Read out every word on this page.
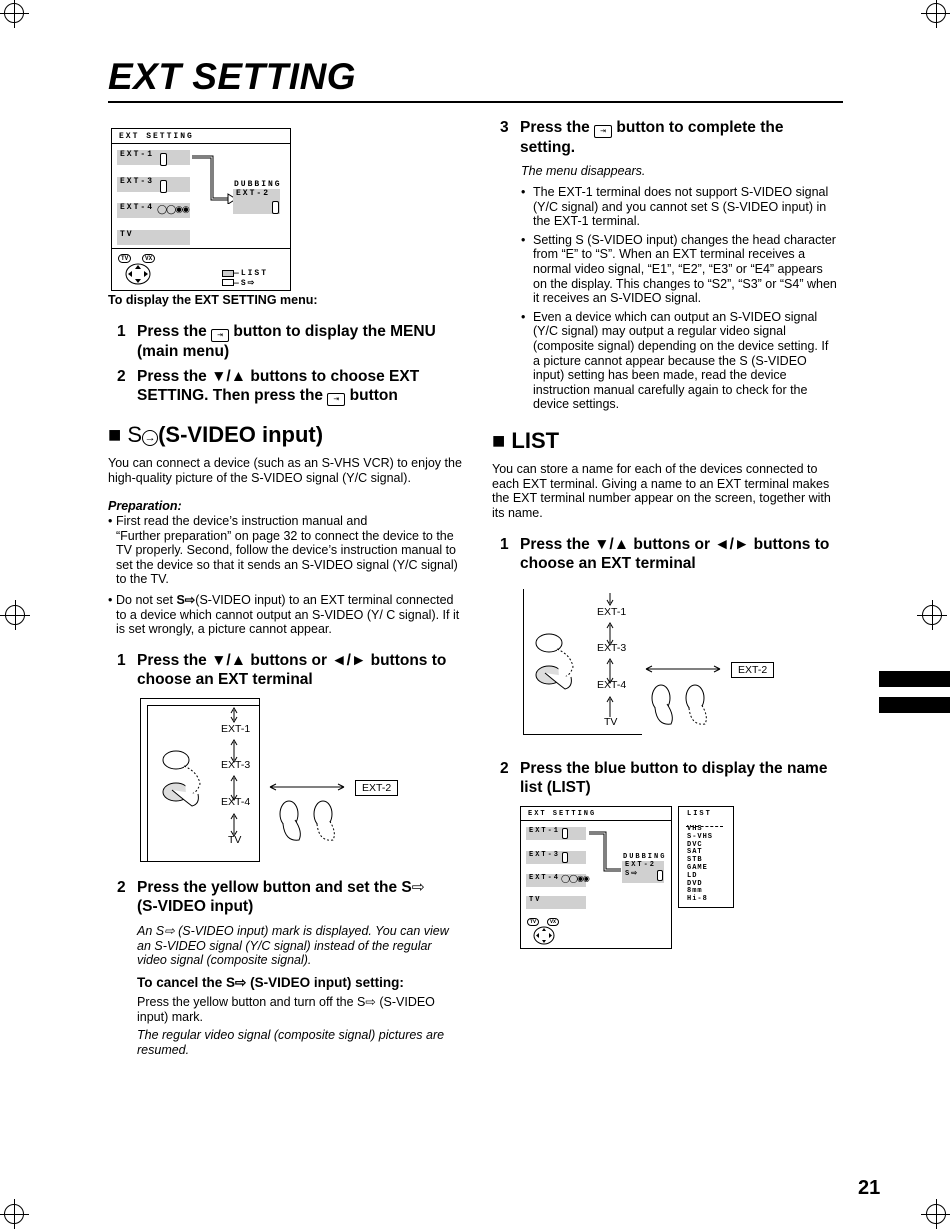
EXT SETTING
EXT SETTING
EXT-1
EXT-3
EXT-4 ◯◯◉◉
TV
DUBBING
EXT-2
TV	VX
—LIST
—S⇨
To display the EXT SETTING menu:
1 Press the ⇥ button to display the MENU
(main menu)
2 Press the ▼/▲ buttons to choose EXT
SETTING. Then press the ⇥ button
■ S → (S-VIDEO input)

You can connect a device (such as an S-VHS VCR) to enjoy the high-quality picture of the S-VIDEO signal (Y/C signal).

Preparation:
• First read the device’s instruction manual and
“Further preparation” on page 32 to connect the device to the TV properly. Second, follow the device’s instruction manual to set the device so that it sends an S-VIDEO signal (Y/C signal) to the TV.
• Do not set S⇨(S-VIDEO input) to an EXT terminal connected to a device which cannot output an S-VIDEO (Y/ C signal). If it is set wrongly, a picture cannot appear.
1 Press the ▼/▲ buttons or ◄/► buttons to
choose an EXT terminal
EXT-1
EXT-3
EXT-4
TV
EXT-2
2 Press the yellow button and set the S⇨
(S-VIDEO input)

An S⇨ (S-VIDEO input) mark is displayed. You can view an S-VIDEO signal (Y/C signal) instead of the regular video signal (composite signal).

To cancel the S⇨ (S-VIDEO input) setting:

Press the yellow button and turn off the S⇨ (S-VIDEO input) mark.

The regular video signal (composite signal) pictures are resumed.

3 Press the ⇥ button to complete the
setting.
The menu disappears.
• The EXT-1 terminal does not support S-VIDEO signal (Y/C signal) and you cannot set S (S-VIDEO input) in the EXT-1 terminal.
• Setting S (S-VIDEO input) changes the head character from “E” to “S”. When an EXT terminal receives a normal video signal, “E1”, “E2”, “E3” or “E4” appears on the display. This changes to “S2”, “S3” or “S4” when it receives an S-VIDEO signal.
• Even a device which can output an S-VIDEO signal (Y/C signal) may output a regular video signal (composite signal) depending on the device setting. If a picture cannot appear because the S (S-VIDEO input) setting has been made, read the device instruction manual carefully again to check for the device settings.
■ LIST

You can store a name for each of the devices connected to each EXT terminal. Giving a name to an EXT terminal makes the EXT terminal number appear on the screen, together with its name.

1 Press the ▼/▲ buttons or ◄/► buttons to
choose an EXT terminal
EXT-1
EXT-3
EXT-4
TV
EXT-2
2 Press the blue button to display the name
list (LIST)
EXT SETTING
EXT-1
EXT-3
EXT-4 ◯◯◉◉
TV
DUBBING
EXT-2
S⇨
TV	VX
LIST
VHS
S-VHS
DVC
SAT
STB
GAME
LD
DVD
8mm
Hi-8
21
